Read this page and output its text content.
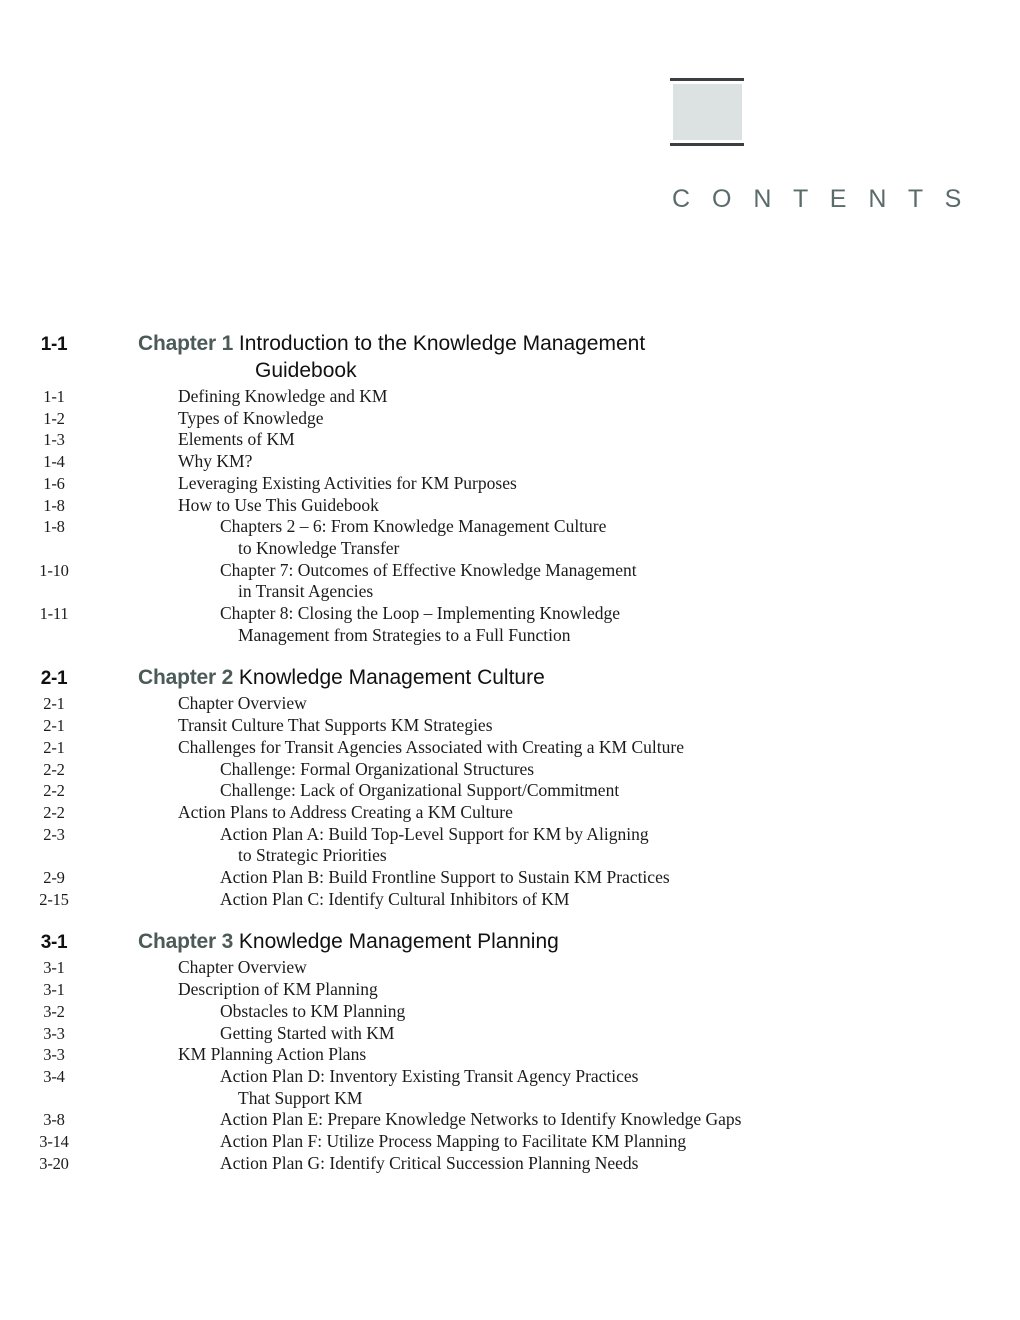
C O N T E N T S
1-1	Chapter 1 Introduction to the Knowledge Management
Guidebook
1-1	Defining Knowledge and KM
1-2	Types of Knowledge
1-3	Elements of KM
1-4	Why KM?
1-6	Leveraging Existing Activities for KM Purposes
1-8	How to Use This Guidebook
1-8	Chapters 2 – 6: From Knowledge Management Culture
to Knowledge Transfer
1-10	Chapter 7: Outcomes of Effective Knowledge Management
in Transit Agencies
1-11	Chapter 8: Closing the Loop – Implementing Knowledge
Management from Strategies to a Full Function
2-1	Chapter 2 Knowledge Management Culture
2-1	Chapter Overview
2-1	Transit Culture That Supports KM Strategies
2-1	Challenges for Transit Agencies Associated with Creating a KM Culture
2-2	Challenge: Formal Organizational Structures
2-2	Challenge: Lack of Organizational Support/Commitment
2-2	Action Plans to Address Creating a KM Culture
2-3	Action Plan A: Build Top-Level Support for KM by Aligning
to Strategic Priorities
2-9	Action Plan B: Build Frontline Support to Sustain KM Practices
2-15	Action Plan C: Identify Cultural Inhibitors of KM
3-1	Chapter 3 Knowledge Management Planning
3-1	Chapter Overview
3-1	Description of KM Planning
3-2	Obstacles to KM Planning
3-3	Getting Started with KM
3-3	KM Planning Action Plans
3-4	Action Plan D: Inventory Existing Transit Agency Practices
That Support KM
3-8	Action Plan E: Prepare Knowledge Networks to Identify Knowledge Gaps
3-14	Action Plan F: Utilize Process Mapping to Facilitate KM Planning
3-20	Action Plan G: Identify Critical Succession Planning Needs
